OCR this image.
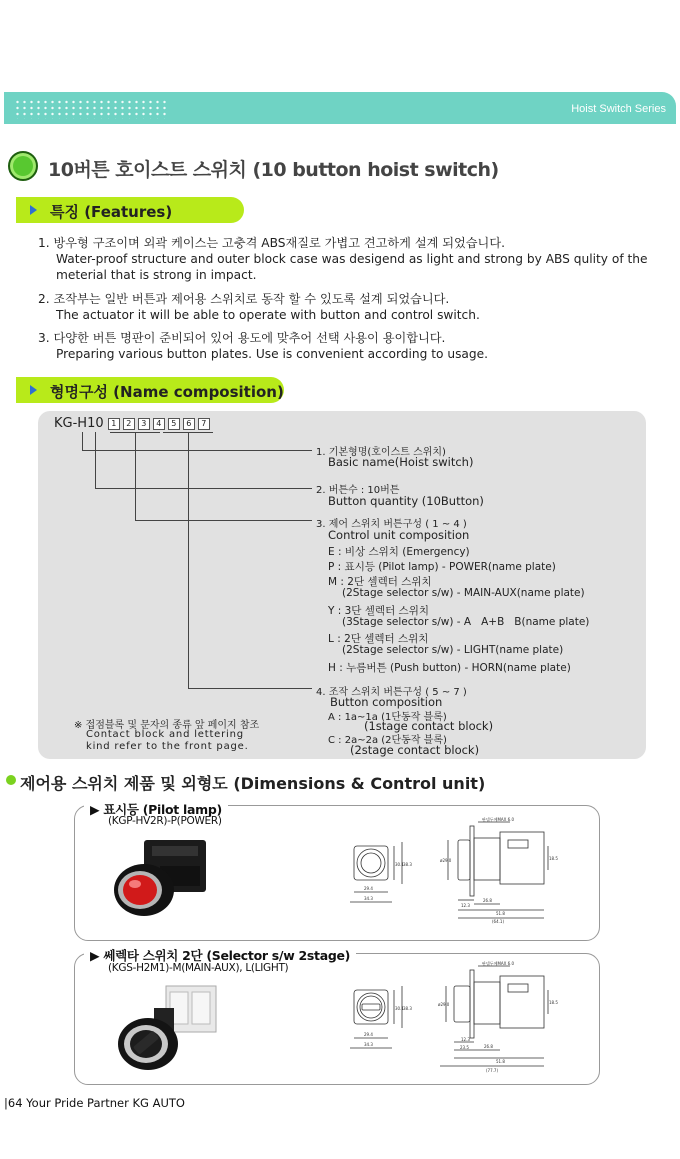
Hoist Switch Series
10버튼 호이스트 스위치 (10 button hoist switch)
특징 (Features)
1. 방우형 구조이며 외곽 케이스는 고충격 ABS재질로 가볍고 견고하게 설계 되었습니다.
Water-proof structure and outer block case was desigend as light and strong by ABS qulity of the meterial that is strong in impact.
2. 조작부는 일반 버튼과 제어용 스위치로 동작 할 수 있도록 설계 되었습니다.
The actuator it will be able to operate with button and control switch.
3. 다양한 버튼 명판이 준비되어 있어 용도에 맞추어 선택 사용이 용이합니다.
Preparing various button plates. Use is convenient according to usage.
형명구성 (Name composition)
KG-H10 1 2 3 4 5 6 7
1. 기본형명(호이스트 스위치)
Basic name(Hoist switch)
2. 버튼수 : 10버튼
Button quantity (10Button)
3. 제어 스위치 버튼구성 ( 1 ~ 4 )
Control unit composition
E : 비상 스위치 (Emergency)
P : 표시등 (Pilot lamp) - POWER(name plate)
M : 2단 셀렉터 스위치
(2Stage selector s/w) - MAIN-AUX(name plate)
Y : 3단 셀렉터 스위치
(3Stage selector s/w) - A   A+B   B(name plate)
L : 2단 셀렉터 스위치
(2Stage selector s/w) - LIGHT(name plate)
H : 누름버튼 (Push button) - HORN(name plate)
4. 조작 스위치 버튼구성 ( 5 ~ 7 )
Button composition
A : 1a~1a (1단동작 블록)
(1stage contact block)
C : 2a~2a (2단동작 블록)
(2stage contact block)
※ 접점블록 및 문자의 종류 앞 페이지 참조
Contact block and lettering
kind refer to the front page.
제어용 스위치 제품 및 외형도 (Dimensions & Control unit)
▶ 표시등 (Pilot lamp)
(KGP-HV2R)-P(POWER)
29.4
34.3
30.1 38.3
12.3
26.8
51.8
(64.1)
18.5
ø29.0
판넬두께MAX 6.0
▶ 쎄렉타 스위치 2단 (Selector s/w 2stage)
(KGS-H2M1)-M(MAIN-AUX), L(LIGHT)
29.4
34.3
30.1 38.3
23.5
12.3
26.8
51.8
(77.7)
18.5
ø29.0
판넬두께MAX 6.0
|64 Your Pride Partner KG AUTO
